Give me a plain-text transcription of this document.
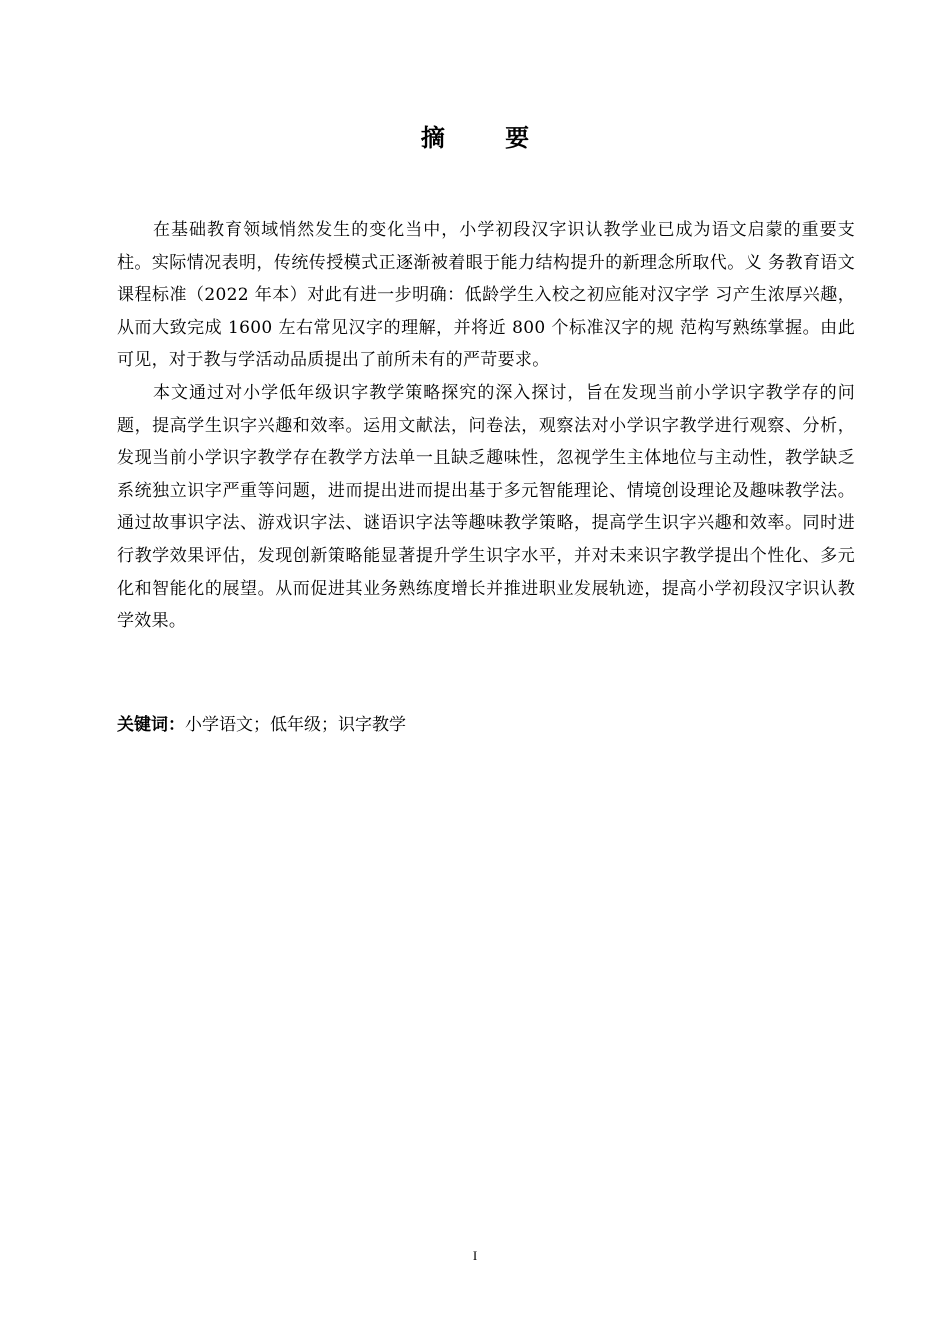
摘 要

在基础教育领域悄然发生的变化当中，小学初段汉字识认教学业已成为语文启蒙的重要支柱。实际情况表明，传统传授模式正逐渐被着眼于能力结构提升的新理念所取代。义 务教育语文课程标准（2022 年本）对此有进一步明确：低龄学生入校之初应能对汉字学 习产生浓厚兴趣，从而大致完成 1600 左右常见汉字的理解，并将近 800 个标准汉字的规 范构写熟练掌握。由此可见，对于教与学活动品质提出了前所未有的严苛要求。

本文通过对小学低年级识字教学策略探究的深入探讨，旨在发现当前小学识字教学存的问题，提高学生识字兴趣和效率。运用文献法，问卷法，观察法对小学识字教学进行观察、分析，发现当前小学识字教学存在教学方法单一且缺乏趣味性，忽视学生主体地位与主动性，教学缺乏系统独立识字严重等问题，进而提出进而提出基于多元智能理论、情境创设理论及趣味教学法。通过故事识字法、游戏识字法、谜语识字法等趣味教学策略，提高学生识字兴趣和效率。同时进行教学效果评估，发现创新策略能显著提升学生识字水平，并对未来识字教学提出个性化、多元化和智能化的展望。从而促进其业务熟练度增长并推进职业发展轨迹，提高小学初段汉字识认教学效果。

关键词：小学语文；低年级；识字教学
I
